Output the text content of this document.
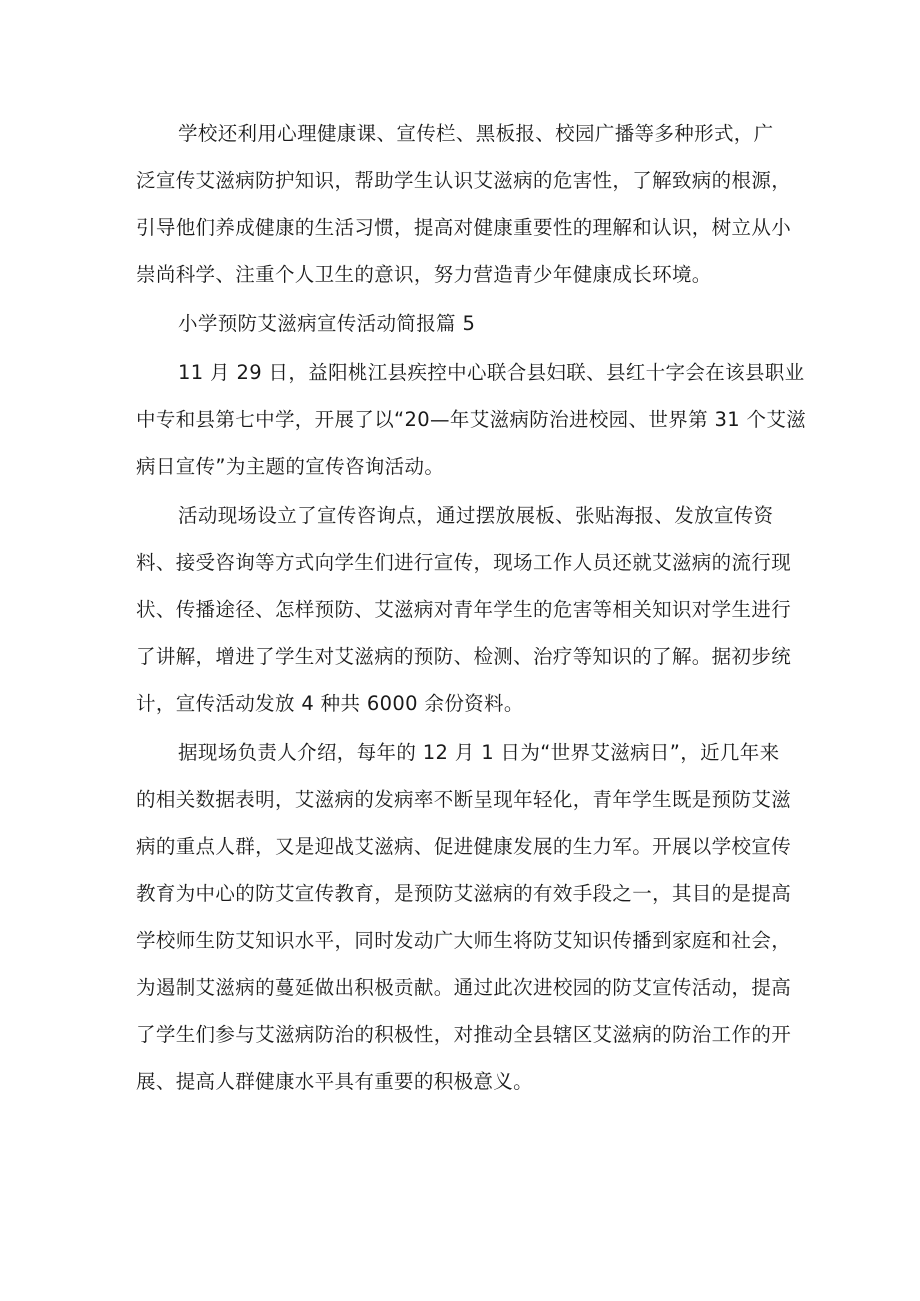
学校还利用心理健康课、宣传栏、黑板报、校园广播等多种形式，广
泛宣传艾滋病防护知识，帮助学生认识艾滋病的危害性，了解致病的根源，
引导他们养成健康的生活习惯，提高对健康重要性的理解和认识，树立从小
崇尚科学、注重个人卫生的意识，努力营造青少年健康成长环境。
小学预防艾滋病宣传活动简报篇 5
11 月 29 日，益阳桃江县疾控中心联合县妇联、县红十字会在该县职业
中专和县第七中学，开展了以“20—年艾滋病防治进校园、世界第 31 个艾滋
病日宣传”为主题的宣传咨询活动。
活动现场设立了宣传咨询点，通过摆放展板、张贴海报、发放宣传资
料、接受咨询等方式向学生们进行宣传，现场工作人员还就艾滋病的流行现
状、传播途径、怎样预防、艾滋病对青年学生的危害等相关知识对学生进行
了讲解，增进了学生对艾滋病的预防、检测、治疗等知识的了解。据初步统
计，宣传活动发放 4 种共 6000 余份资料。
据现场负责人介绍，每年的 12 月 1 日为“世界艾滋病日”，近几年来
的相关数据表明，艾滋病的发病率不断呈现年轻化，青年学生既是预防艾滋
病的重点人群，又是迎战艾滋病、促进健康发展的生力军。开展以学校宣传
教育为中心的防艾宣传教育，是预防艾滋病的有效手段之一，其目的是提高
学校师生防艾知识水平，同时发动广大师生将防艾知识传播到家庭和社会，
为遏制艾滋病的蔓延做出积极贡献。通过此次进校园的防艾宣传活动，提高
了学生们参与艾滋病防治的积极性，对推动全县辖区艾滋病的防治工作的开
展、提高人群健康水平具有重要的积极意义。
